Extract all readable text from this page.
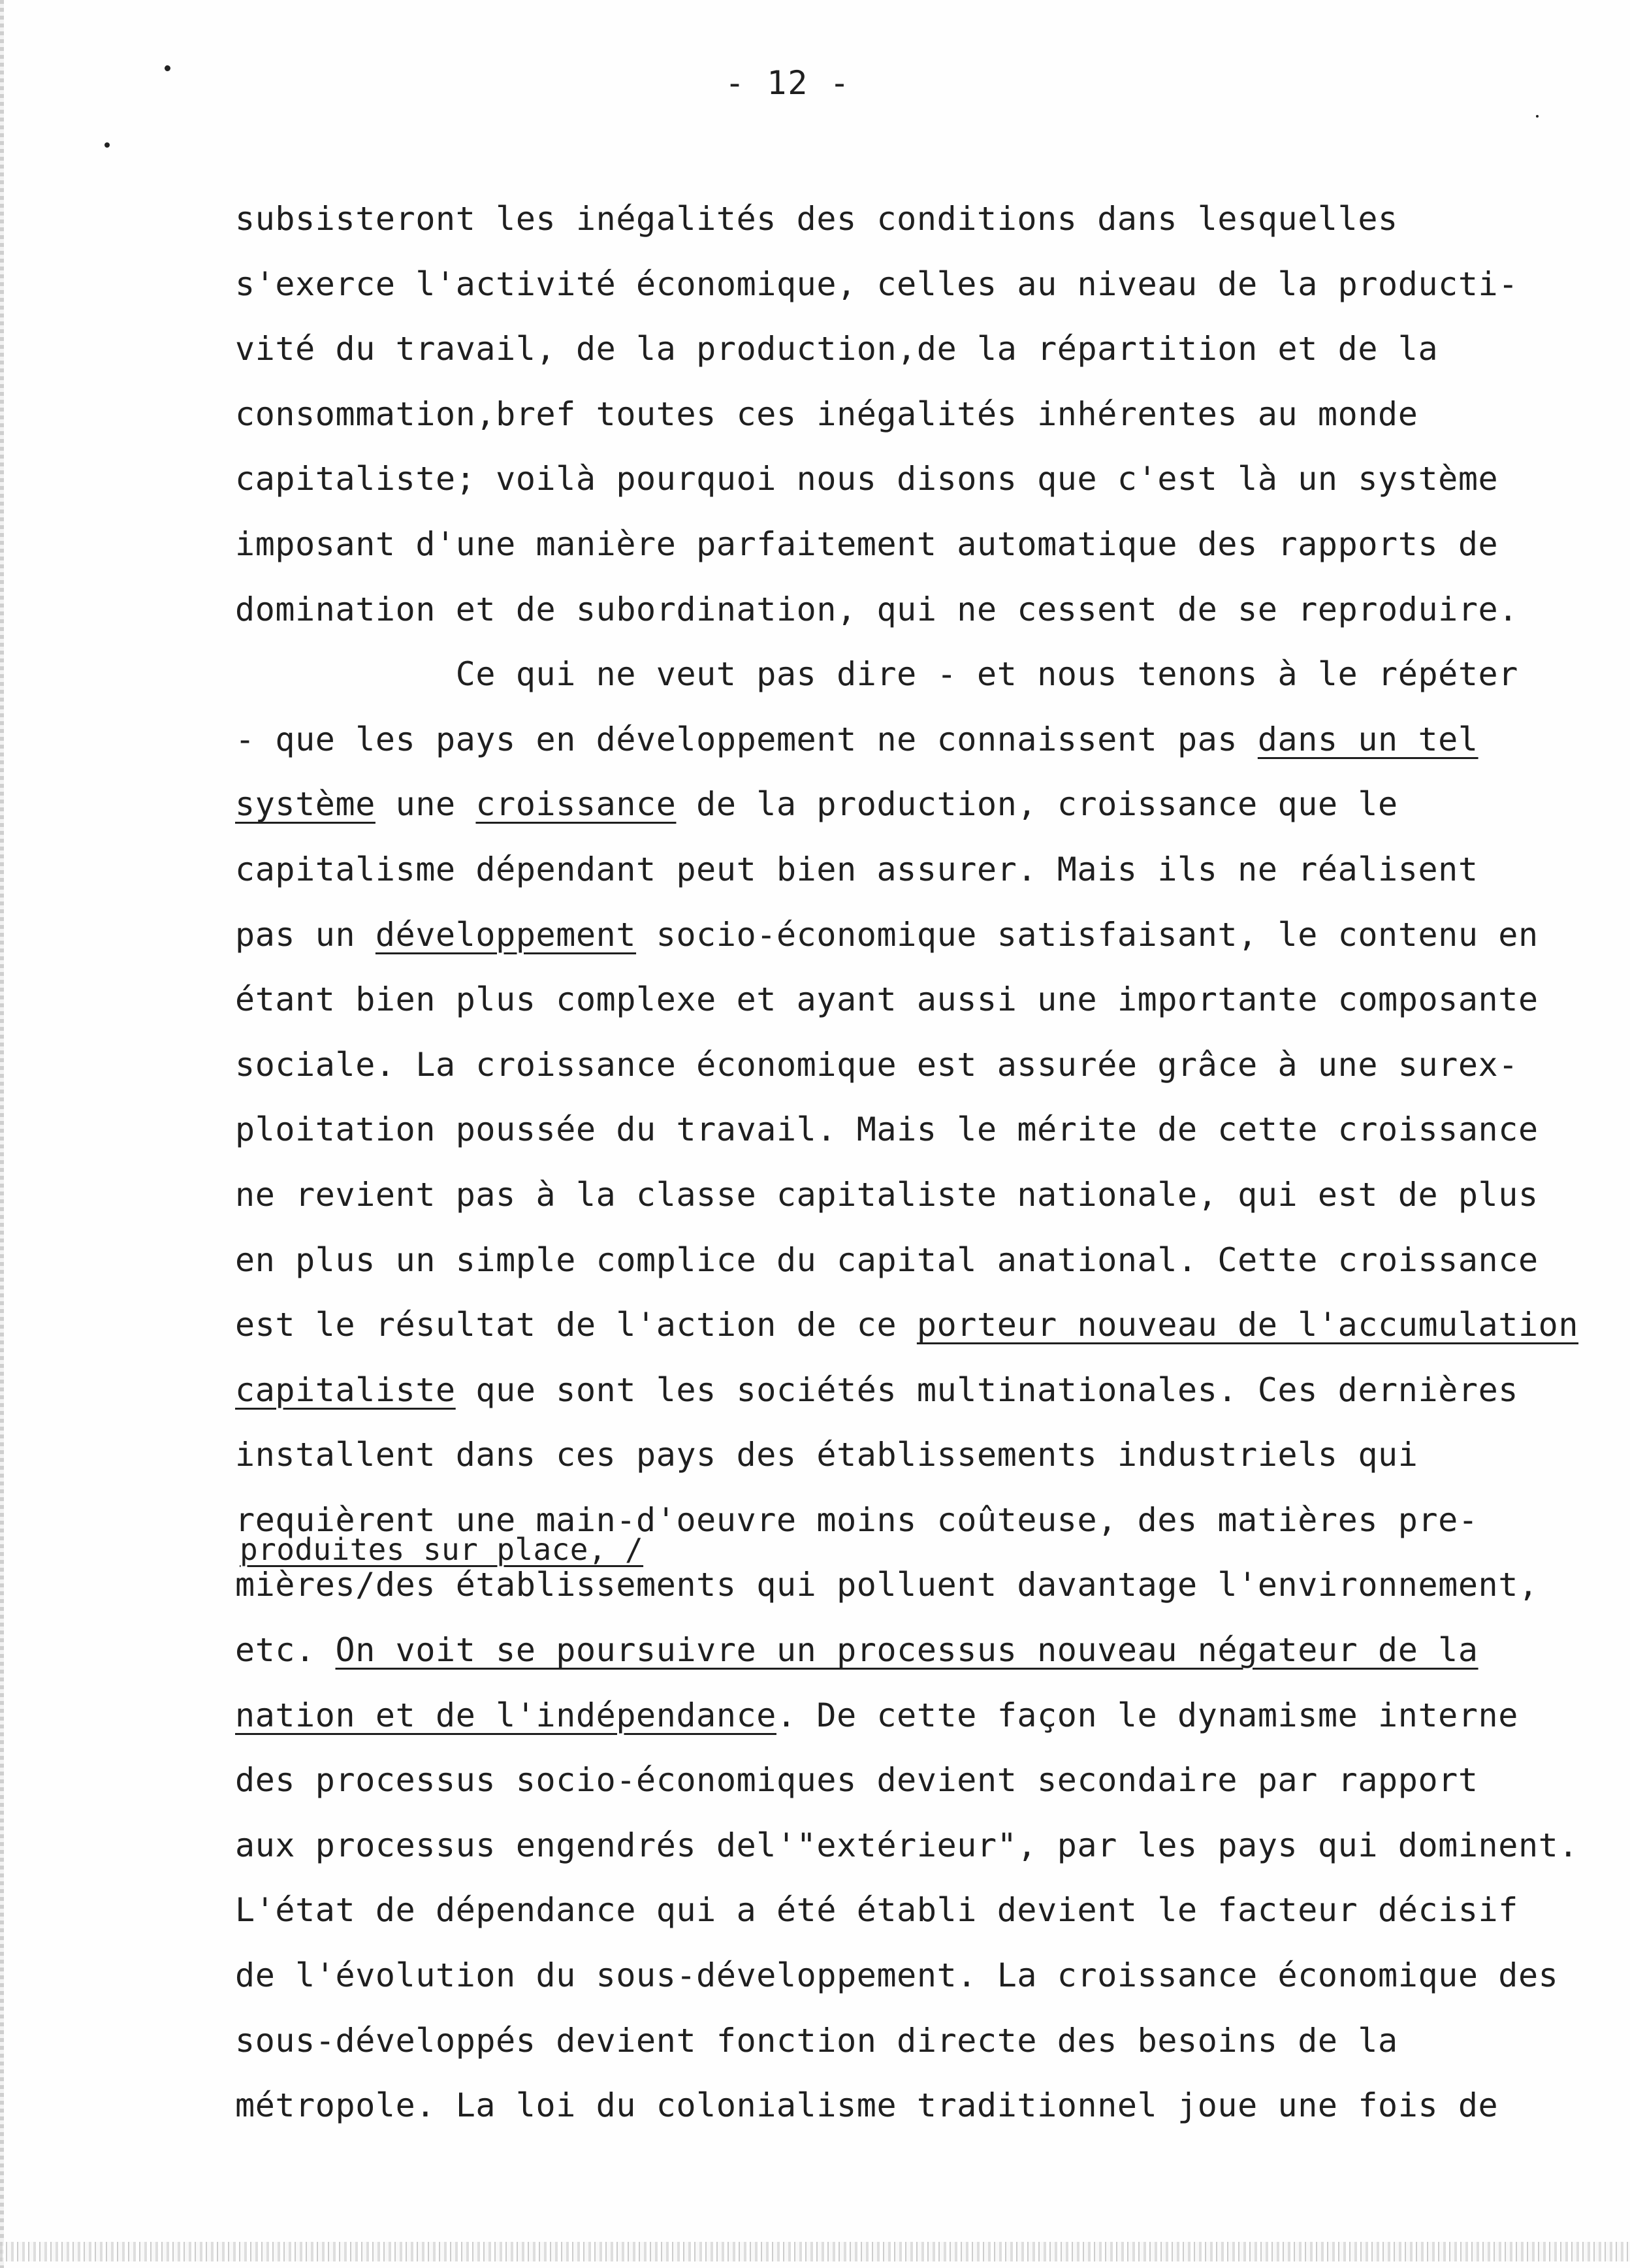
- 12 -
subsisteront les inégalités des conditions dans lesquelles
s'exerce l'activité économique, celles au niveau de la producti-
vité du travail, de la production,de la répartition et de la
consommation,bref toutes ces inégalités inhérentes au monde
capitaliste; voilà pourquoi nous disons que c'est là un système
imposant d'une manière parfaitement automatique des rapports de
domination et de subordination, qui ne cessent de se reproduire.
Ce qui ne veut pas dire - et nous tenons à le répéter
- que les pays en développement ne connaissent pas dans un tel
système une croissance de la production, croissance que le
capitalisme dépendant peut bien assurer. Mais ils ne réalisent
pas un développement socio-économique satisfaisant, le contenu en
étant bien plus complexe et ayant aussi une importante composante
sociale. La croissance économique est assurée grâce à une surex-
ploitation poussée du travail. Mais le mérite de cette croissance
ne revient pas à la classe capitaliste nationale, qui est de plus
en plus un simple complice du capital anational. Cette croissance
est le résultat de l'action de ce porteur nouveau de l'accumulation
capitaliste que sont les sociétés multinationales. Ces dernières
installent dans ces pays des établissements industriels qui
requièrent une main-d'oeuvre moins coûteuse, des matières pre-
mières/des établissements qui polluent davantage l'environnement,
etc. On voit se poursuivre un processus nouveau négateur de la
nation et de l'indépendance. De cette façon le dynamisme interne
des processus socio-économiques devient secondaire par rapport
aux processus engendrés del'"extérieur", par les pays qui dominent.
L'état de dépendance qui a été établi devient le facteur décisif
de l'évolution du sous-développement. La croissance économique des
sous-développés devient fonction directe des besoins de la
métropole. La loi du colonialisme traditionnel joue une fois de
produites sur place, /
